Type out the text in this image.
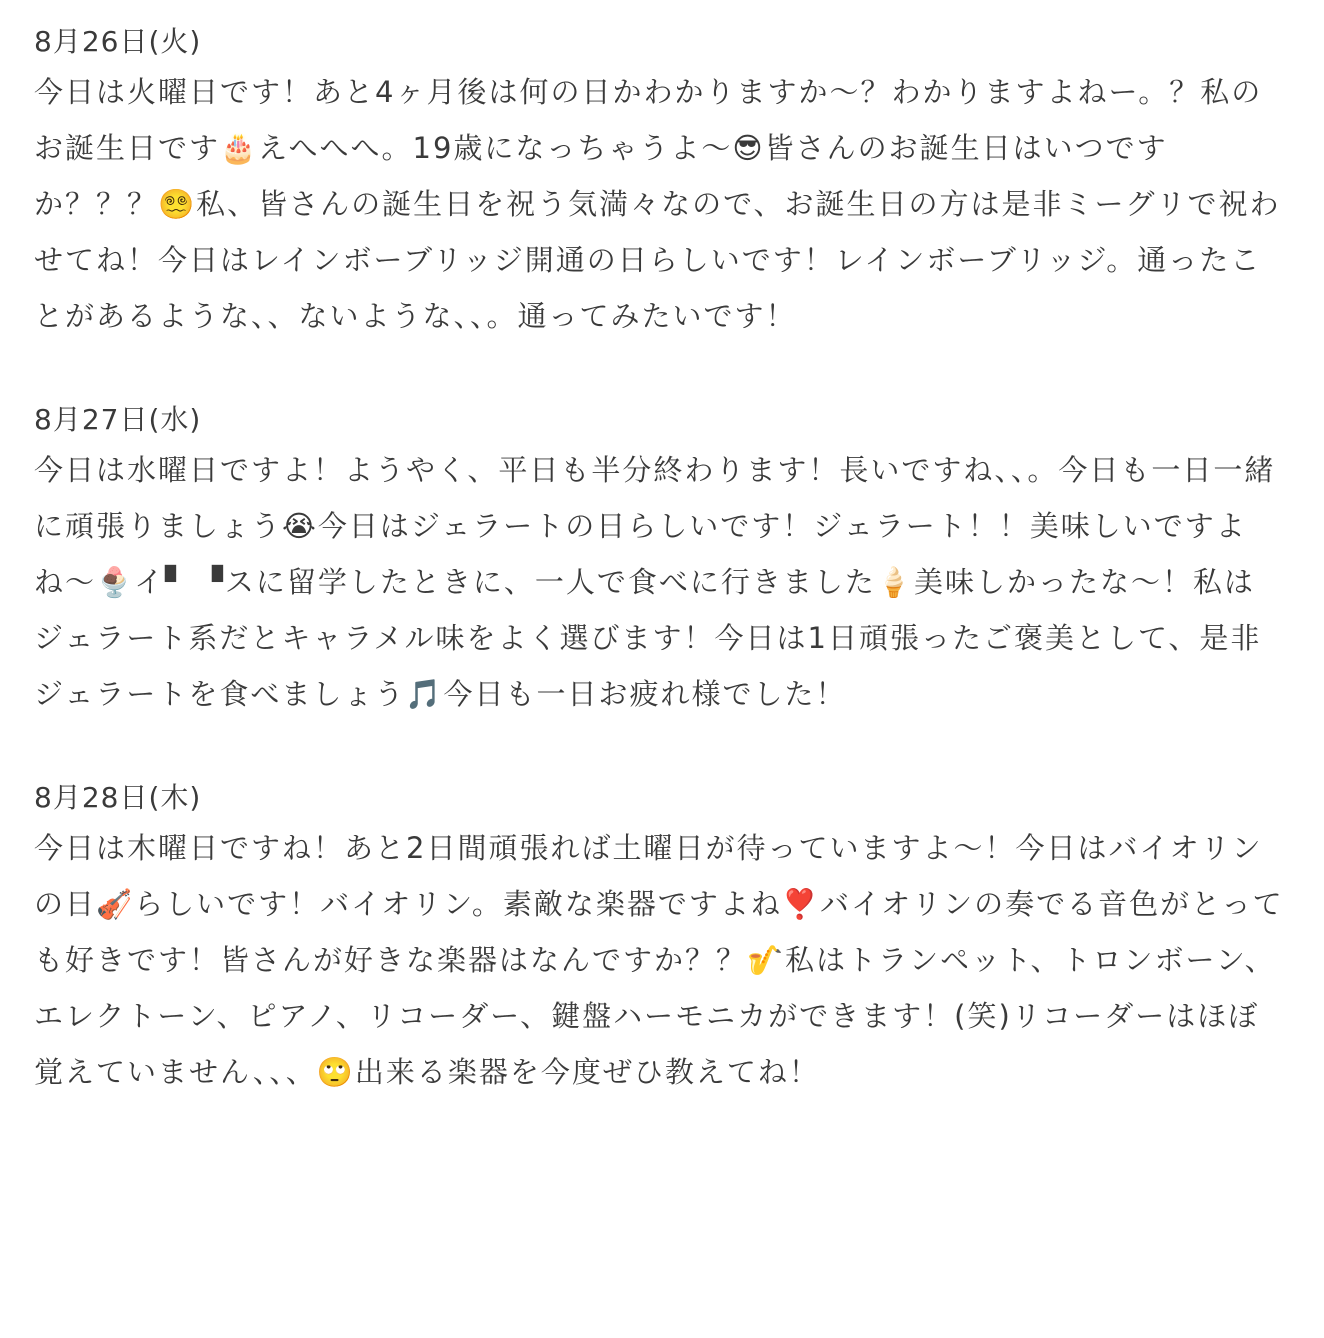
8月26日(火)

今日は火曜日です！あと4ヶ月後は何の日かわかりますか〜？わかりますよねー。？私のお誕生日です🎂えへへへ。19歳になっちゃうよ〜😎皆さんのお誕生日はいつですか？？？😵‍💫私、皆さんの誕生日を祝う気満々なので、お誕生日の方は是非ミーグリで祝わせてね！今日はレインボーブリッジ開通の日らしいです！レインボーブリッジ。通ったことがあるような、、ないような、、。通ってみたいです！

8月27日(水)

今日は水曜日ですよ！ようやく、平日も半分終わります！長いですね、、。今日も一日一緒に頑張りましょう😭今日はジェラートの日らしいです！ジェラート！！美味しいですよね〜🍨イ▘ ▝スに留学したときに、一人で食べに行きました🍦美味しかったな〜！私はジェラート系だとキャラメル味をよく選びます！今日は1日頑張ったご褒美として、是非ジェラートを食べましょう🎵今日も一日お疲れ様でした！

8月28日(木)

今日は木曜日ですね！あと2日間頑張れば土曜日が待っていますよ〜！今日はバイオリンの日🎻らしいです！バイオリン。素敵な楽器ですよね❣️バイオリンの奏でる音色がとっても好きです！皆さんが好きな楽器はなんですか？？🎷私はトランペット、トロンボーン、エレクトーン、ピアノ、リコーダー、鍵盤ハーモニカができます！(笑)リコーダーはほぼ覚えていません、、、🙄出来る楽器を今度ぜひ教えてね！
